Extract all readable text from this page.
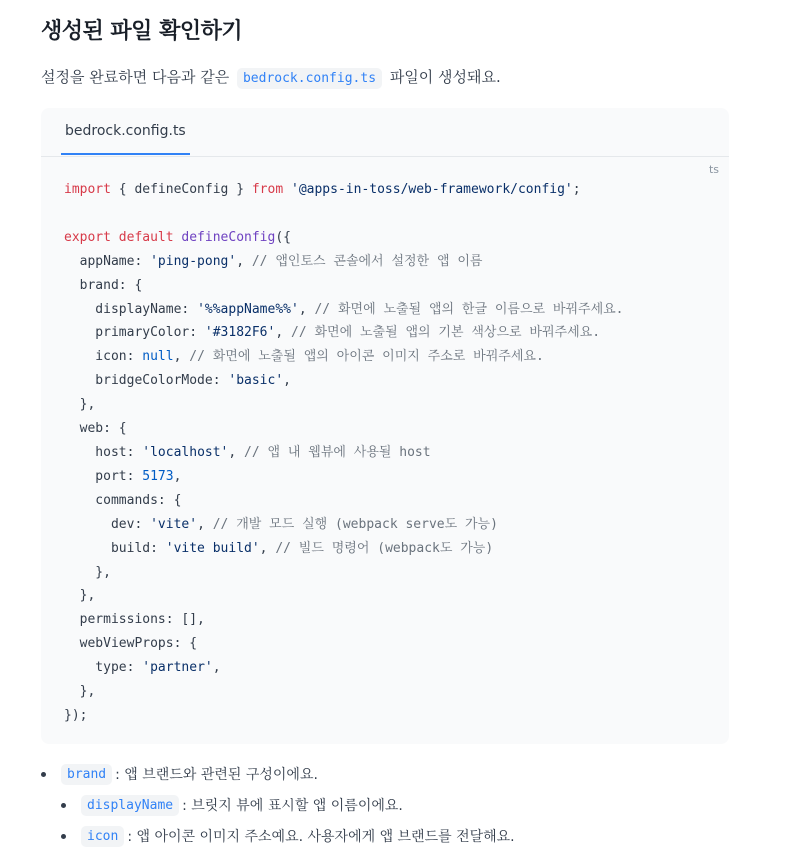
생성된 파일 확인하기
설정을 완료하면 다음과 같은 bedrock.config.ts 파일이 생성돼요.
bedrock.config.ts
ts
import { defineConfig } from '@apps-in-toss/web-framework/config';

export default defineConfig({
appName: 'ping-pong', // 앱인토스 콘솔에서 설정한 앱 이름
brand: {
displayName: '%%appName%%', // 화면에 노출될 앱의 한글 이름으로 바꿔주세요.
primaryColor: '#3182F6', // 화면에 노출될 앱의 기본 색상으로 바꿔주세요.
icon: null, // 화면에 노출될 앱의 아이콘 이미지 주소로 바꿔주세요.
bridgeColorMode: 'basic',
},
web: {
host: 'localhost', // 앱 내 웹뷰에 사용될 host
port: 5173,
commands: {
dev: 'vite', // 개발 모드 실행 (webpack serve도 가능)
build: 'vite build', // 빌드 명령어 (webpack도 가능)
},
},
permissions: [],
webViewProps: {
type: 'partner',
},
});
brand : 앱 브랜드와 관련된 구성이에요.
displayName : 브릿지 뷰에 표시할 앱 이름이에요.
icon : 앱 아이콘 이미지 주소예요. 사용자에게 앱 브랜드를 전달해요.
